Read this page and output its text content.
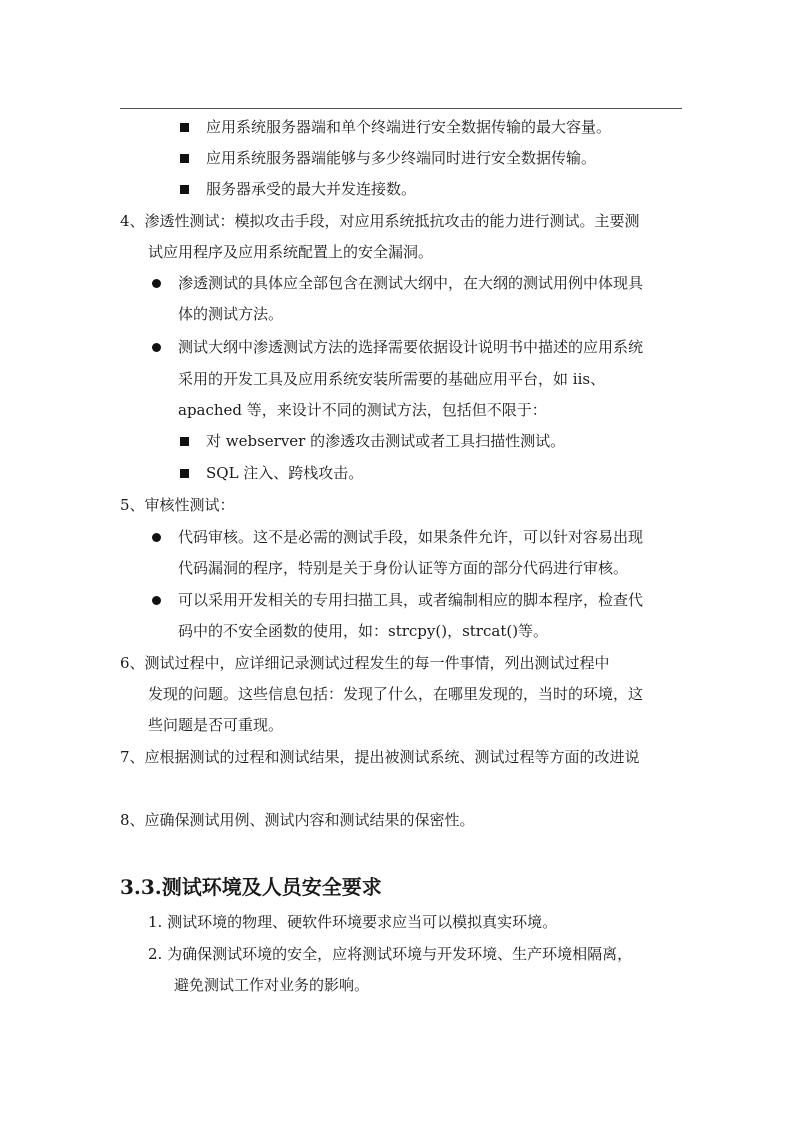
应用系统服务器端和单个终端进行安全数据传输的最大容量。
应用系统服务器端能够与多少终端同时进行安全数据传输。
服务器承受的最大并发连接数。
4、渗透性测试：模拟攻击手段，对应用系统抵抗攻击的能力进行测试。主要测
试应用程序及应用系统配置上的安全漏洞。
渗透测试的具体应全部包含在测试大纲中，在大纲的测试用例中体现具
体的测试方法。
测试大纲中渗透测试方法的选择需要依据设计说明书中描述的应用系统
采用的开发工具及应用系统安装所需要的基础应用平台，如 iis、
apached 等，来设计不同的测试方法，包括但不限于：
对 webserver 的渗透攻击测试或者工具扫描性测试。
SQL 注入、跨栈攻击。
5、审核性测试：
代码审核。这不是必需的测试手段，如果条件允许，可以针对容易出现
代码漏洞的程序，特别是关于身份认证等方面的部分代码进行审核。
可以采用开发相关的专用扫描工具，或者编制相应的脚本程序，检查代
码中的不安全函数的使用，如：strcpy()，strcat()等。
6、测试过程中，应详细记录测试过程发生的每一件事情，列出测试过程中
发现的问题。这些信息包括：发现了什么，在哪里发现的，当时的环境，这
些问题是否可重现。
7、应根据测试的过程和测试结果，提出被测试系统、测试过程等方面的改进说
8、应确保测试用例、测试内容和测试结果的保密性。
3.3.测试环境及人员安全要求
1. 测试环境的物理、硬软件环境要求应当可以模拟真实环境。
2. 为确保测试环境的安全，应将测试环境与开发环境、生产环境相隔离，
避免测试工作对业务的影响。
